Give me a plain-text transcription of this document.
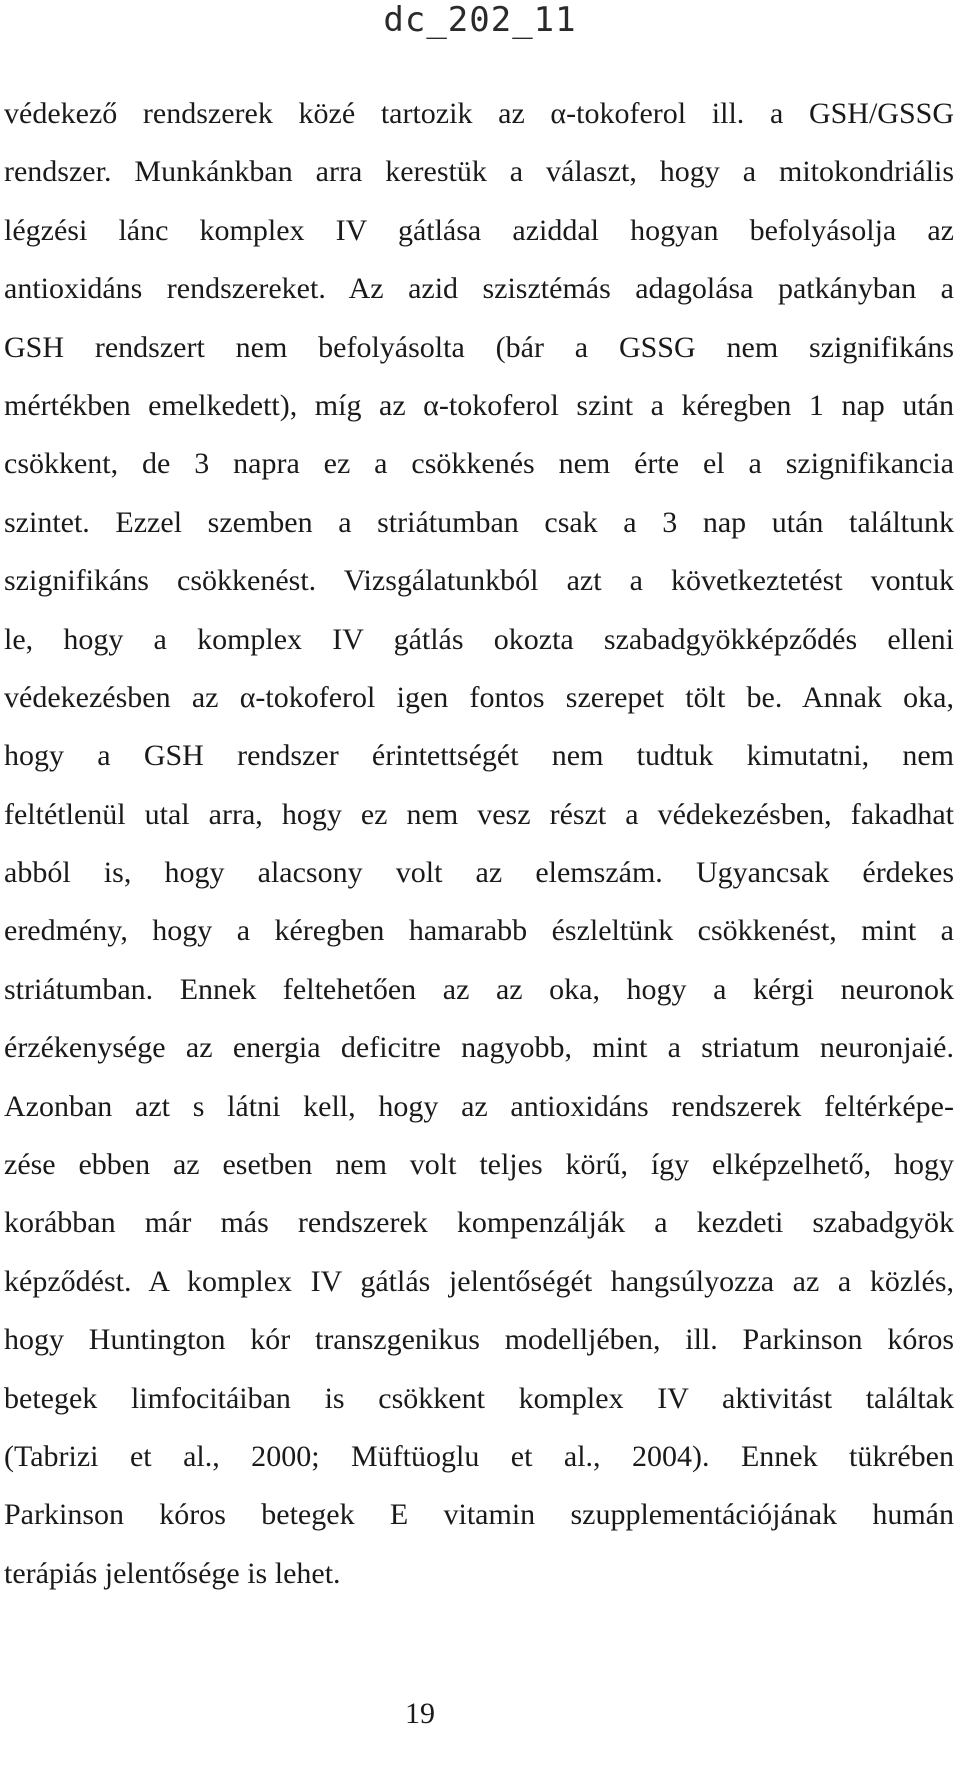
dc_202_11
védekező rendszerek közé tartozik az α-tokoferol ill. a GSH/GSSG
rendszer. Munkánkban arra kerestük a választ, hogy a mitokondriális
légzési lánc komplex IV gátlása aziddal hogyan befolyásolja az
antioxidáns rendszereket. Az azid szisztémás adagolása patkányban a
GSH rendszert nem befolyásolta (bár a GSSG nem szignifikáns
mértékben emelkedett), míg az α-tokoferol szint a kéregben 1 nap után
csökkent, de 3 napra ez a csökkenés nem érte el a szignifikancia
szintet. Ezzel szemben a striátumban csak a 3 nap után találtunk
szignifikáns csökkenést. Vizsgálatunkból azt a következtetést vontuk
le, hogy a komplex IV gátlás okozta szabadgyökképződés elleni
védekezésben az α-tokoferol igen fontos szerepet tölt be. Annak oka,
hogy a GSH rendszer érintettségét nem tudtuk kimutatni, nem
feltétlenül utal arra, hogy ez nem vesz részt a védekezésben, fakadhat
abból is, hogy alacsony volt az elemszám. Ugyancsak érdekes
eredmény, hogy a kéregben hamarabb észleltünk csökkenést, mint a
striátumban. Ennek feltehetően az az oka, hogy a kérgi neuronok
érzékenysége az energia deficitre nagyobb, mint a striatum neuronjaié.
Azonban azt s látni kell, hogy az antioxidáns rendszerek feltérképe-
zése ebben az esetben nem volt teljes körű, így elképzelhető, hogy
korábban már más rendszerek kompenzálják a kezdeti szabadgyök
képződést. A komplex IV gátlás jelentőségét hangsúlyozza az a közlés,
hogy Huntington kór transzgenikus modelljében, ill. Parkinson kóros
betegek limfocitáiban is csökkent komplex IV aktivitást találtak
(Tabrizi et al., 2000; Müftüoglu et al., 2004). Ennek tükrében
Parkinson kóros betegek E vitamin szupplementációjának humán
terápiás jelentősége is lehet.
19
